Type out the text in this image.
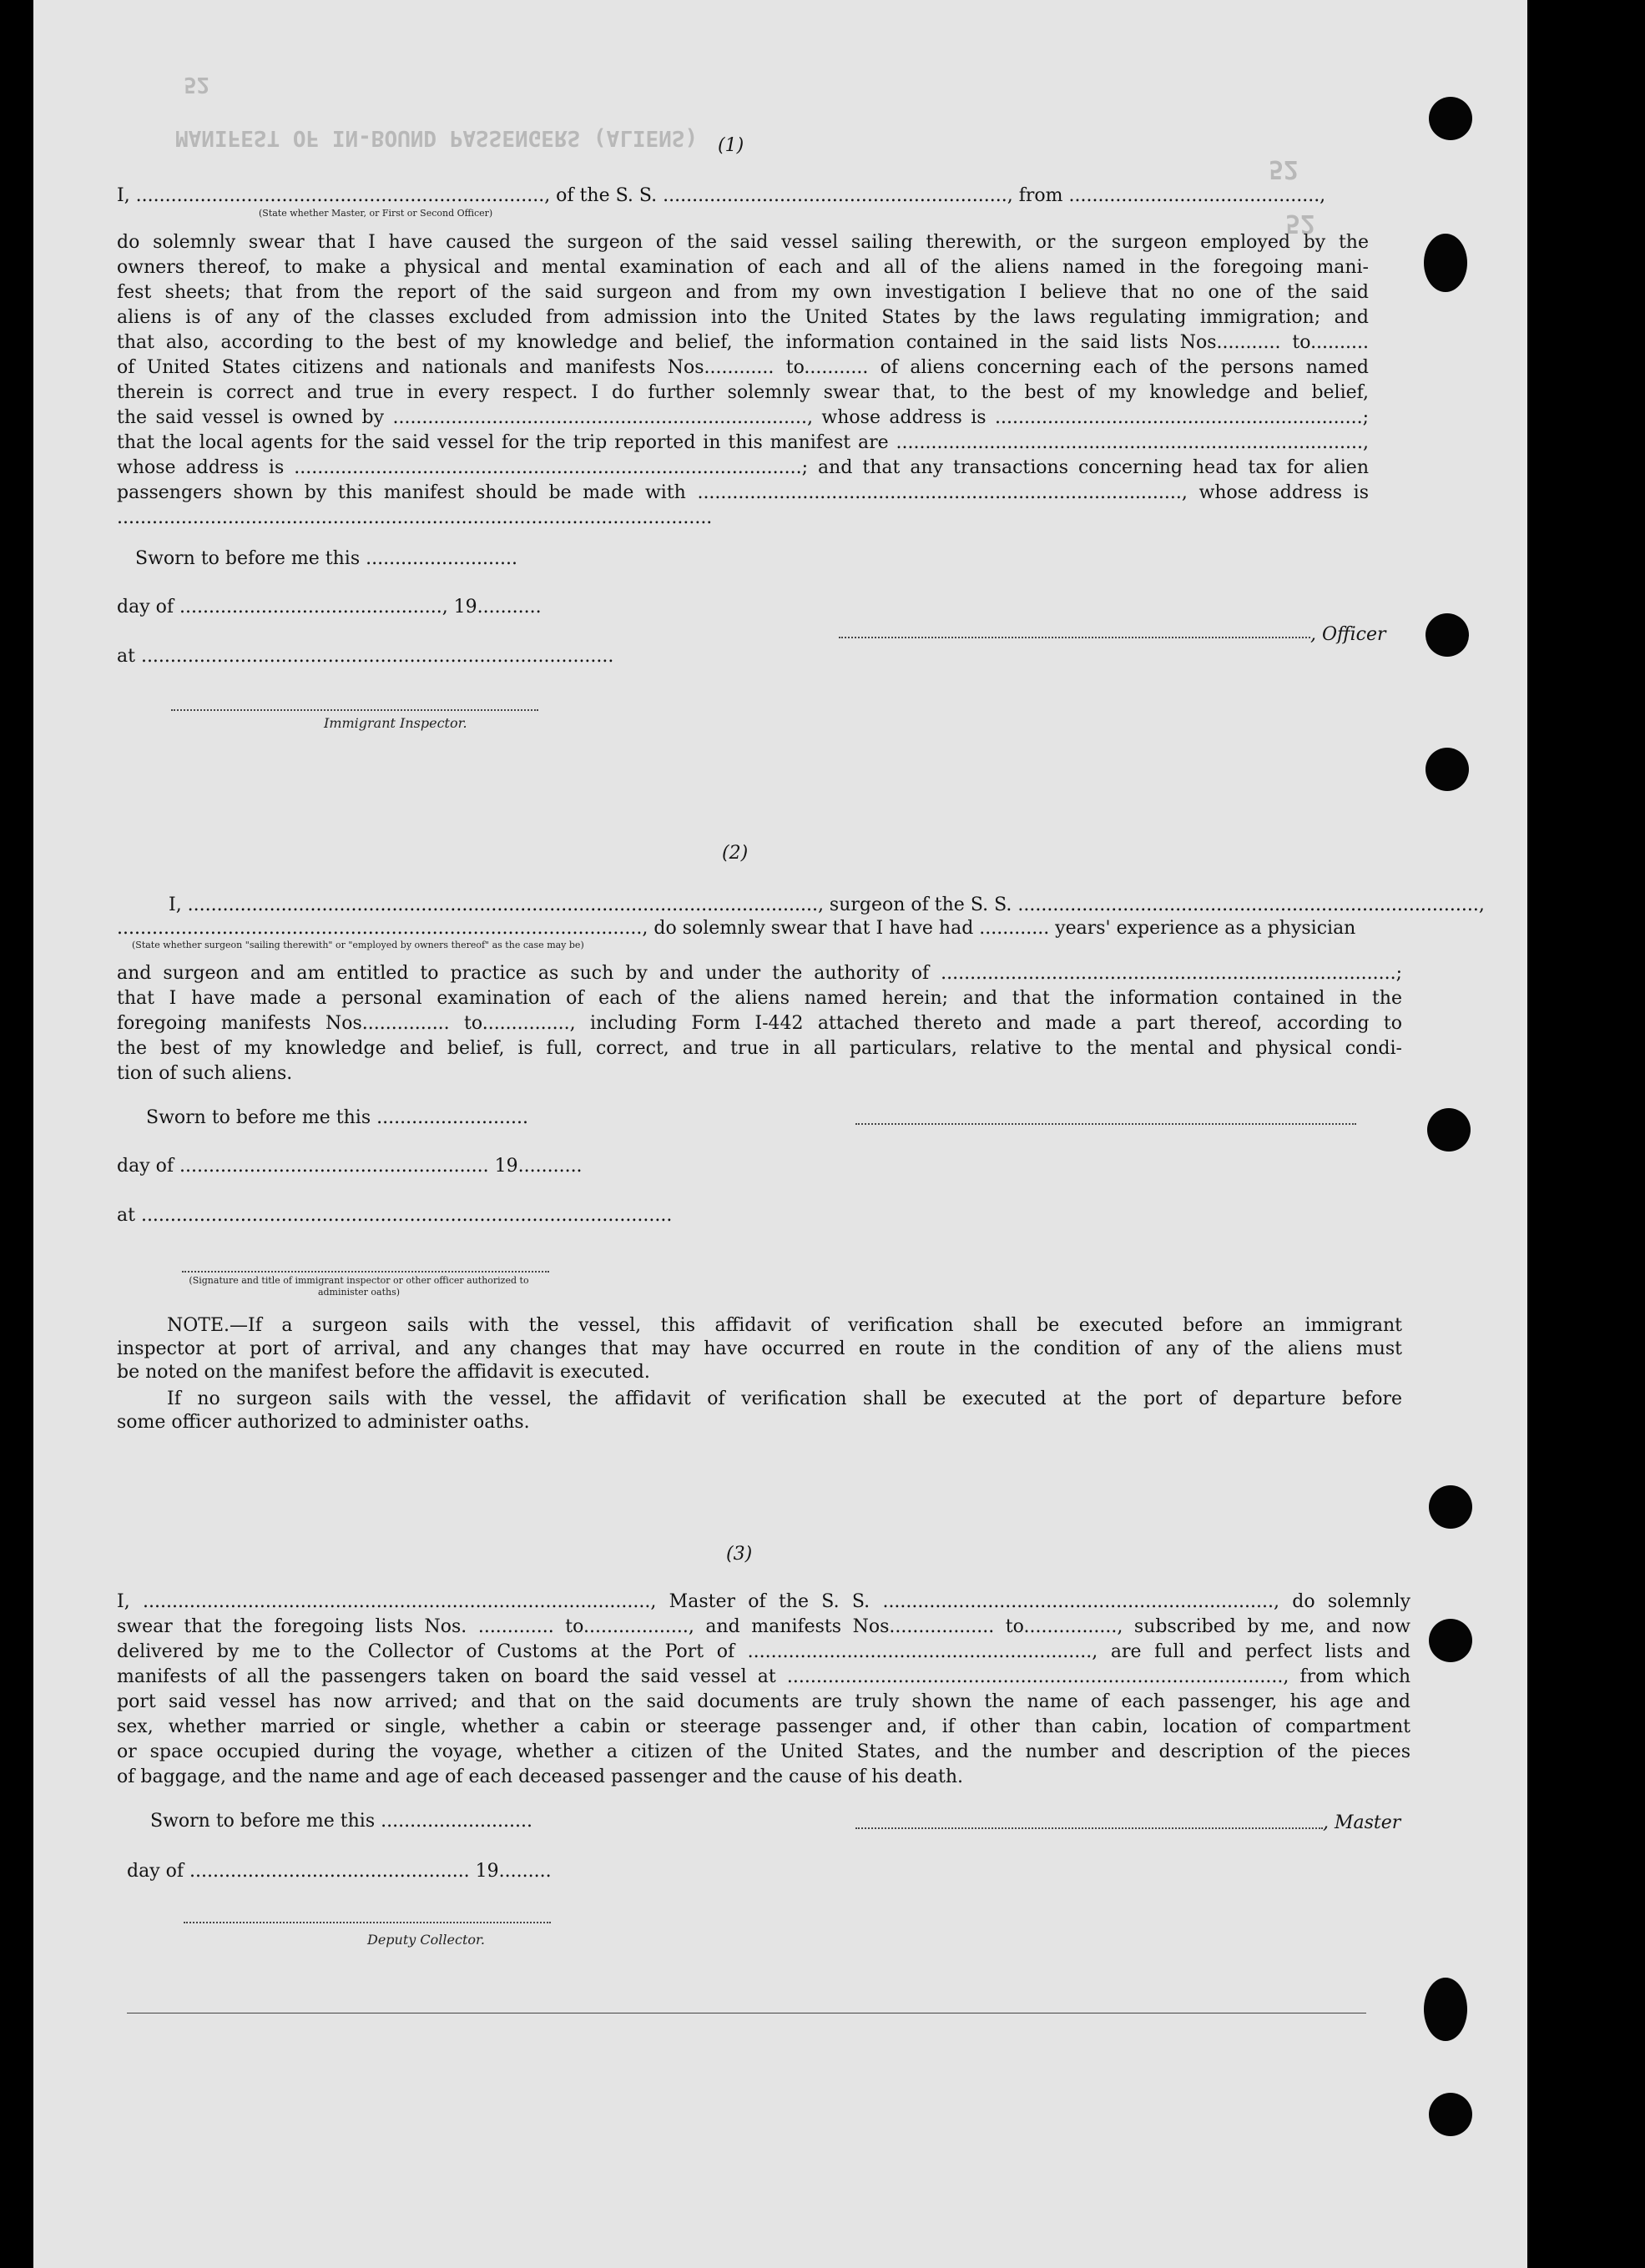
MANIFEST OF IN-BOUND PASSENGERS (ALIENS)
52
52
52
(1)
I, ......................................................................, of the S. S. ..........................................................., from ...........................................,
(State whether Master, or First or Second Officer)
do solemnly swear that I have caused the surgeon of the said vessel sailing therewith, or the surgeon employed by the
owners thereof, to make a physical and mental examination of each and all of the aliens named in the foregoing mani-
fest sheets; that from the report of the said surgeon and from my own investigation I believe that no one of the said
aliens is of any of the classes excluded from admission into the United States by the laws regulating immigration; and
that also, according to the best of my knowledge and belief, the information contained in the said lists Nos........... to..........
of United States citizens and nationals and manifests Nos............ to........... of aliens concerning each of the persons named
therein is correct and true in every respect. I do further solemnly swear that, to the best of my knowledge and belief,
the said vessel is owned by ......................................................................., whose address is ...............................................................;
that the local agents for the said vessel for the trip reported in this manifest are ................................................................................,
whose address is .......................................................................................; and that any transactions concerning head tax for alien
passengers shown by this manifest should be made with ..................................................................................., whose address is
......................................................................................................
Sworn to before me this ..........................
day of ............................................., 19...........
at .................................................................................
, Officer
Immigrant Inspector.
(2)
I, ............................................................................................................, surgeon of the S. S. ...............................................................................,
.........................................................................................., do solemnly swear that I have had ............ years' experience as a physician
(State whether surgeon "sailing therewith" or "employed by owners thereof" as the case may be)
and surgeon and am entitled to practice as such by and under the authority of ..............................................................................;
that I have made a personal examination of each of the aliens named herein; and that the information contained in the
foregoing manifests Nos............... to..............., including Form I-442 attached thereto and made a part thereof, according to
the best of my knowledge and belief, is full, correct, and true in all particulars, relative to the mental and physical condi-
tion of such aliens.
Sworn to before me this ..........................
day of ..................................................... 19...........
at ...........................................................................................
(Signature and title of immigrant inspector or other officer authorized to administer oaths)
NOTE.—If a surgeon sails with the vessel, this affidavit of verification shall be executed before an immigrant
inspector at port of arrival, and any changes that may have occurred en route in the condition of any of the aliens must
be noted on the manifest before the affidavit is executed.
If no surgeon sails with the vessel, the affidavit of verification shall be executed at the port of departure before
some officer authorized to administer oaths.
(3)
I, ......................................................................................., Master of the S. S. ..................................................................., do solemnly
swear that the foregoing lists Nos. ............. to.................., and manifests Nos.................. to................, subscribed by me, and now
delivered by me to the Collector of Customs at the Port of ..........................................................., are full and perfect lists and
manifests of all the passengers taken on board the said vessel at ....................................................................................., from which
port said vessel has now arrived; and that on the said documents are truly shown the name of each passenger, his age and
sex, whether married or single, whether a cabin or steerage passenger and, if other than cabin, location of compartment
or space occupied during the voyage, whether a citizen of the United States, and the number and description of the pieces
of baggage, and the name and age of each deceased passenger and the cause of his death.
Sworn to before me this ..........................	, Master
day of ................................................ 19.........
Deputy Collector.
